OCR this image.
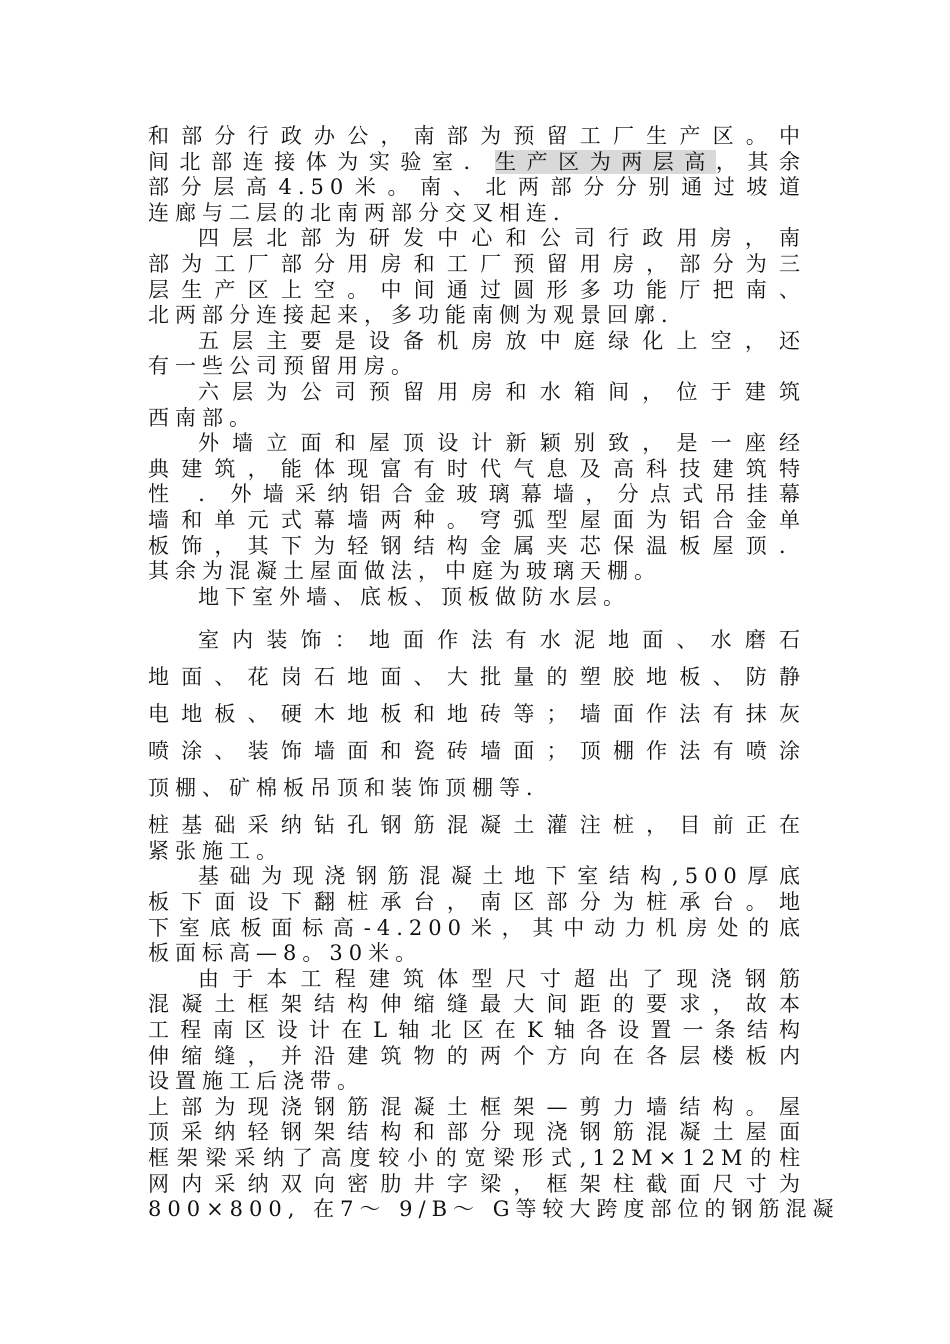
和部分行政办公，南部为预留工厂生产区。中
间北部连接体为实验室．生产区为两层高，其余
部分层高4.50米。南、北两部分分别通过坡道
连廊与二层的北南两部分交叉相连．
四层北部为研发中心和公司行政用房，南
部为工厂部分用房和工厂预留用房，部分为三
层生产区上空。中间通过圆形多功能厅把南、
北两部分连接起来，多功能南侧为观景回廓．
五层主要是设备机房放中庭绿化上空，还
有一些公司预留用房。
六层为公司预留用房和水箱间，位于建筑
西南部。
外墙立面和屋顶设计新颖别致，是一座经
典建筑，能体现富有时代气息及高科技建筑特
性 ．外墙采纳铝合金玻璃幕墙，分点式吊挂幕
墙和单元式幕墙两种。穹弧型屋面为铝合金单
板饰，其下为轻钢结构金属夹芯保温板屋顶．
其余为混凝土屋面做法，中庭为玻璃天棚。
地下室外墙、底板、顶板做防水层。
室内装饰：地面作法有水泥地面、水磨石
地面、花岗石地面、大批量的塑胶地板、防静
电地板、硬木地板和地砖等；墙面作法有抹灰
喷涂、装饰墙面和瓷砖墙面；顶棚作法有喷涂
顶棚、矿棉板吊顶和装饰顶棚等．
桩基础采纳钻孔钢筋混凝土灌注桩，目前正在
紧张施工。
基础为现浇钢筋混凝土地下室结构,500厚底
板下面设下翻桩承台，南区部分为桩承台。地
下室底板面标高-4.200米，其中动力机房处的底
板面标高—8。30米。
由于本工程建筑体型尺寸超出了现浇钢筋
混凝土框架结构伸缩缝最大间距的要求，故本
工程南区设计在L轴北区在K轴各设置一条结构
伸缩缝，并沿建筑物的两个方向在各层楼板内
设置施工后浇带。
上部为现浇钢筋混凝土框架—剪力墙结构。屋
顶采纳轻钢架结构和部分现浇钢筋混凝土屋面
框架梁采纳了高度较小的宽梁形式,12M×12M的柱
网内采纳双向密肋井字梁，框架柱截面尺寸为
800×800, 在7～ 9/B～ G等较大跨度部位的钢筋混凝
